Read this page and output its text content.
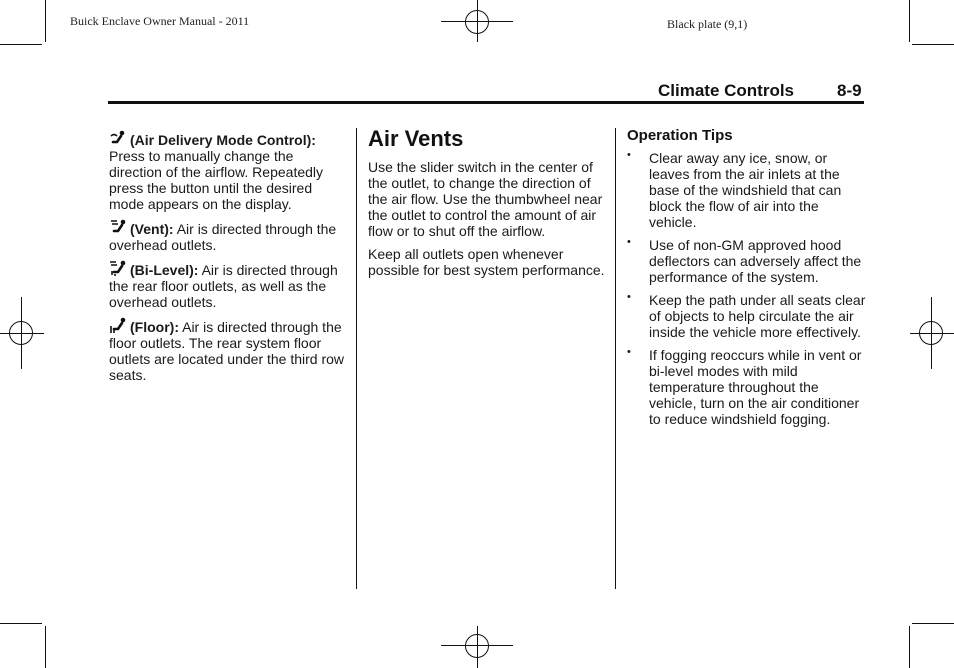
Buick Enclave Owner Manual - 2011	Black plate (9,1)
Climate Controls	8-9

(Air Delivery Mode Control): Press to manually change the direction of the airflow. Repeatedly press the button until the desired mode appears on the display.

(Vent): Air is directed through the overhead outlets.

(Bi-Level): Air is directed through the rear floor outlets, as well as the overhead outlets.

(Floor): Air is directed through the floor outlets. The rear system floor outlets are located under the third row seats.

Air Vents

Use the slider switch in the center of the outlet, to change the direction of the air flow. Use the thumbwheel near the outlet to control the amount of air flow or to shut off the airflow.

Keep all outlets open whenever possible for best system performance.

Operation Tips
• Clear away any ice, snow, or leaves from the air inlets at the base of the windshield that can block the flow of air into the vehicle.
• Use of non-GM approved hood deflectors can adversely affect the performance of the system.
• Keep the path under all seats clear of objects to help circulate the air inside the vehicle more effectively.
• If fogging reoccurs while in vent or bi-level modes with mild temperature throughout the vehicle, turn on the air conditioner to reduce windshield fogging.
